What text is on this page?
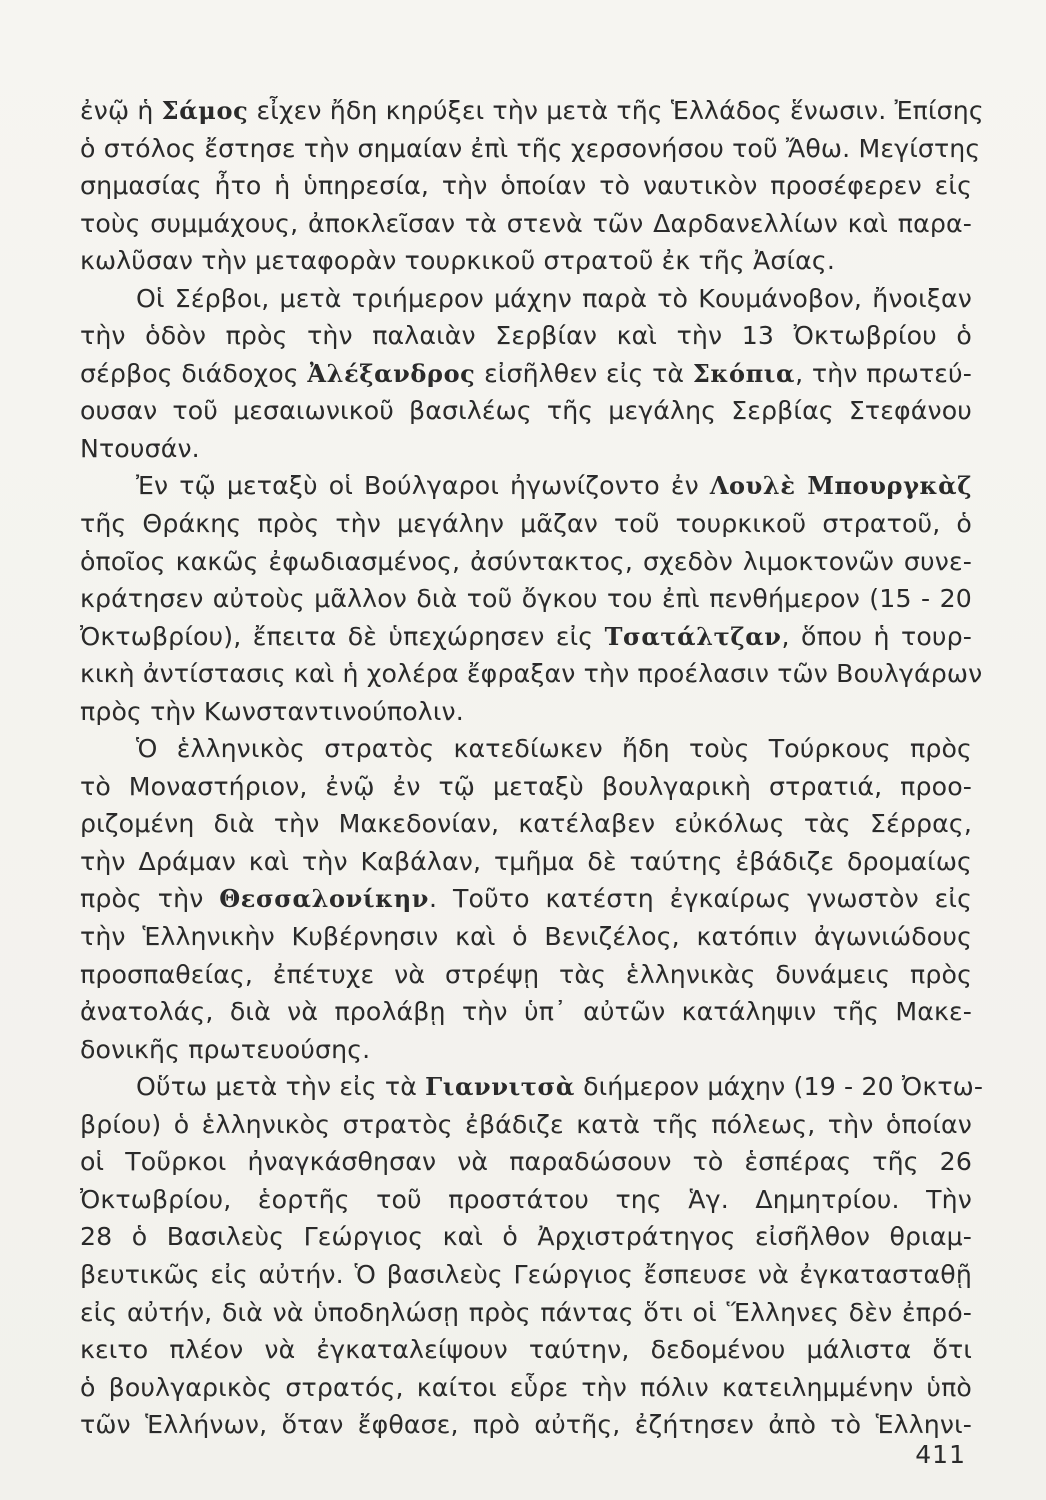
ἐνῷ ἡ Σάμος εἶχεν ἤδη κηρύξει τὴν μετὰ τῆς Ἑλλάδος ἕνωσιν. Ἐπίσης
ὁ στόλος ἔστησε τὴν σημαίαν ἐπὶ τῆς χερσονήσου τοῦ Ἄθω. Μεγίστης
σημασίας ἦτο ἡ ὑπηρεσία, τὴν ὁποίαν τὸ ναυτικὸν προσέφερεν εἰς
τοὺς συμμάχους, ἀποκλεῖσαν τὰ στενὰ τῶν Δαρδανελλίων καὶ παρα-
κωλῦσαν τὴν μεταφορὰν τουρκικοῦ στρατοῦ ἐκ τῆς Ἀσίας.
Οἱ Σέρβοι, μετὰ τριήμερον μάχην παρὰ τὸ Κουμάνοβον, ἤνοιξαν
τὴν ὁδὸν πρὸς τὴν παλαιὰν Σερβίαν καὶ τὴν 13 Ὀκτωβρίου ὁ
σέρβος διάδοχος Ἀλέξανδρος εἰσῆλθεν εἰς τὰ Σκόπια, τὴν πρωτεύ-
ουσαν τοῦ μεσαιωνικοῦ βασιλέως τῆς μεγάλης Σερβίας Στεφάνου
Ντουσάν.
Ἐν τῷ μεταξὺ οἱ Βούλγαροι ἠγωνίζοντο ἐν Λουλὲ Μπουργκὰζ
τῆς Θράκης πρὸς τὴν μεγάλην μᾶζαν τοῦ τουρκικοῦ στρατοῦ, ὁ
ὁποῖος κακῶς ἐφωδιασμένος, ἀσύντακτος, σχεδὸν λιμοκτονῶν συνε-
κράτησεν αὐτοὺς μᾶλλον διὰ τοῦ ὄγκου του ἐπὶ πενθήμερον (15 - 20
Ὀκτωβρίου), ἔπειτα δὲ ὑπεχώρησεν εἰς Τσατάλτζαν, ὅπου ἡ τουρ-
κικὴ ἀντίστασις καὶ ἡ χολέρα ἔφραξαν τὴν προέλασιν τῶν Βουλγάρων
πρὸς τὴν Κωνσταντινούπολιν.
Ὁ ἑλληνικὸς στρατὸς κατεδίωκεν ἤδη τοὺς Τούρκους πρὸς
τὸ Μοναστήριον, ἐνῷ ἐν τῷ μεταξὺ βουλγαρικὴ στρατιά, προο-
ριζομένη διὰ τὴν Μακεδονίαν, κατέλαβεν εὐκόλως τὰς Σέρρας,
τὴν Δράμαν καὶ τὴν Καβάλαν, τμῆμα δὲ ταύτης ἐβάδιζε δρομαίως
πρὸς τὴν Θεσσαλονίκην. Τοῦτο κατέστη ἐγκαίρως γνωστὸν εἰς
τὴν Ἑλληνικὴν Κυβέρνησιν καὶ ὁ Βενιζέλος, κατόπιν ἀγωνιώδους
προσπαθείας, ἐπέτυχε νὰ στρέψῃ τὰς ἑλληνικὰς δυνάμεις πρὸς
ἀνατολάς, διὰ νὰ προλάβῃ τὴν ὑπ᾽ αὐτῶν κατάληψιν τῆς Μακε-
δονικῆς πρωτευούσης.
Οὕτω μετὰ τὴν εἰς τὰ Γιαννιτσὰ διήμερον μάχην (19 - 20 Ὀκτω-
βρίου) ὁ ἑλληνικὸς στρατὸς ἐβάδιζε κατὰ τῆς πόλεως, τὴν ὁποίαν
οἱ Τοῦρκοι ἠναγκάσθησαν νὰ παραδώσουν τὸ ἑσπέρας τῆς 26
Ὀκτωβρίου, ἑορτῆς τοῦ προστάτου της Ἁγ. Δημητρίου. Τὴν
28 ὁ Βασιλεὺς Γεώργιος καὶ ὁ Ἀρχιστράτηγος εἰσῆλθον θριαμ-
βευτικῶς εἰς αὐτήν. Ὁ βασιλεὺς Γεώργιος ἔσπευσε νὰ ἐγκατασταθῇ
εἰς αὐτήν, διὰ νὰ ὑποδηλώσῃ πρὸς πάντας ὅτι οἱ Ἕλληνες δὲν ἐπρό-
κειτο πλέον νὰ ἐγκαταλείψουν ταύτην, δεδομένου μάλιστα ὅτι
ὁ βουλγαρικὸς στρατός, καίτοι εὗρε τὴν πόλιν κατειλημμένην ὑπὸ
τῶν Ἑλλήνων, ὅταν ἔφθασε, πρὸ αὐτῆς, ἐζήτησεν ἀπὸ τὸ Ἑλληνι-
411
